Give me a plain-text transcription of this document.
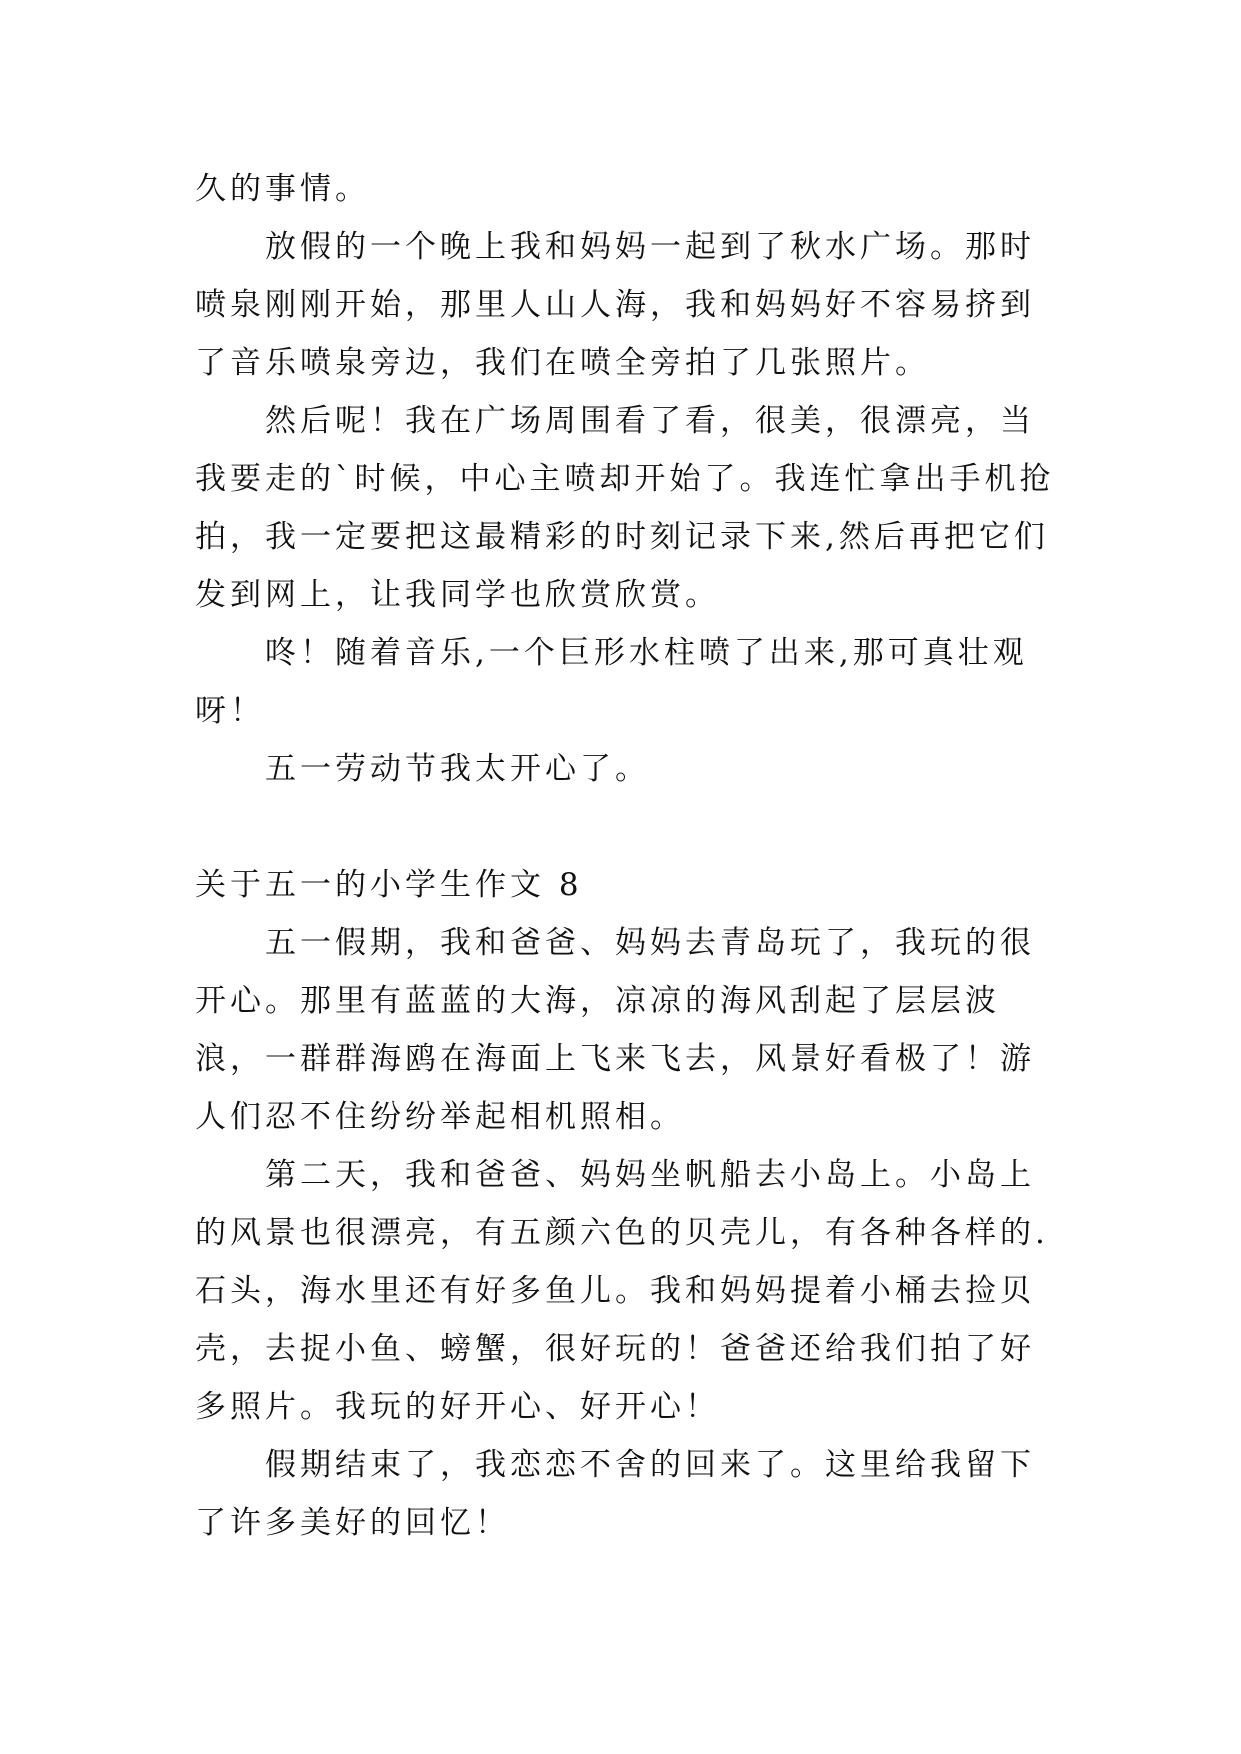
久的事情。

放假的一个晚上我和妈妈一起到了秋水广场。那时喷泉刚刚开始，那里人山人海，我和妈妈好不容易挤到了音乐喷泉旁边，我们在喷全旁拍了几张照片。

然后呢！我在广场周围看了看，很美，很漂亮，当我要走的`时候，中心主喷却开始了。我连忙拿出手机抢拍，我一定要把这最精彩的时刻记录下来,然后再把它们发到网上，让我同学也欣赏欣赏。

咚！随着音乐,一个巨形水柱喷了出来,那可真壮观呀！

五一劳动节我太开心了。

关于五一的小学生作文 8

五一假期，我和爸爸、妈妈去青岛玩了，我玩的很开心。那里有蓝蓝的大海，凉凉的海风刮起了层层波浪，一群群海鸥在海面上飞来飞去，风景好看极了！游人们忍不住纷纷举起相机照相。

第二天，我和爸爸、妈妈坐帆船去小岛上。小岛上的风景也很漂亮，有五颜六色的贝壳儿，有各种各样的.石头，海水里还有好多鱼儿。我和妈妈提着小桶去捡贝壳，去捉小鱼、螃蟹，很好玩的！爸爸还给我们拍了好多照片。我玩的好开心、好开心！

假期结束了，我恋恋不舍的回来了。这里给我留下了许多美好的回忆！
